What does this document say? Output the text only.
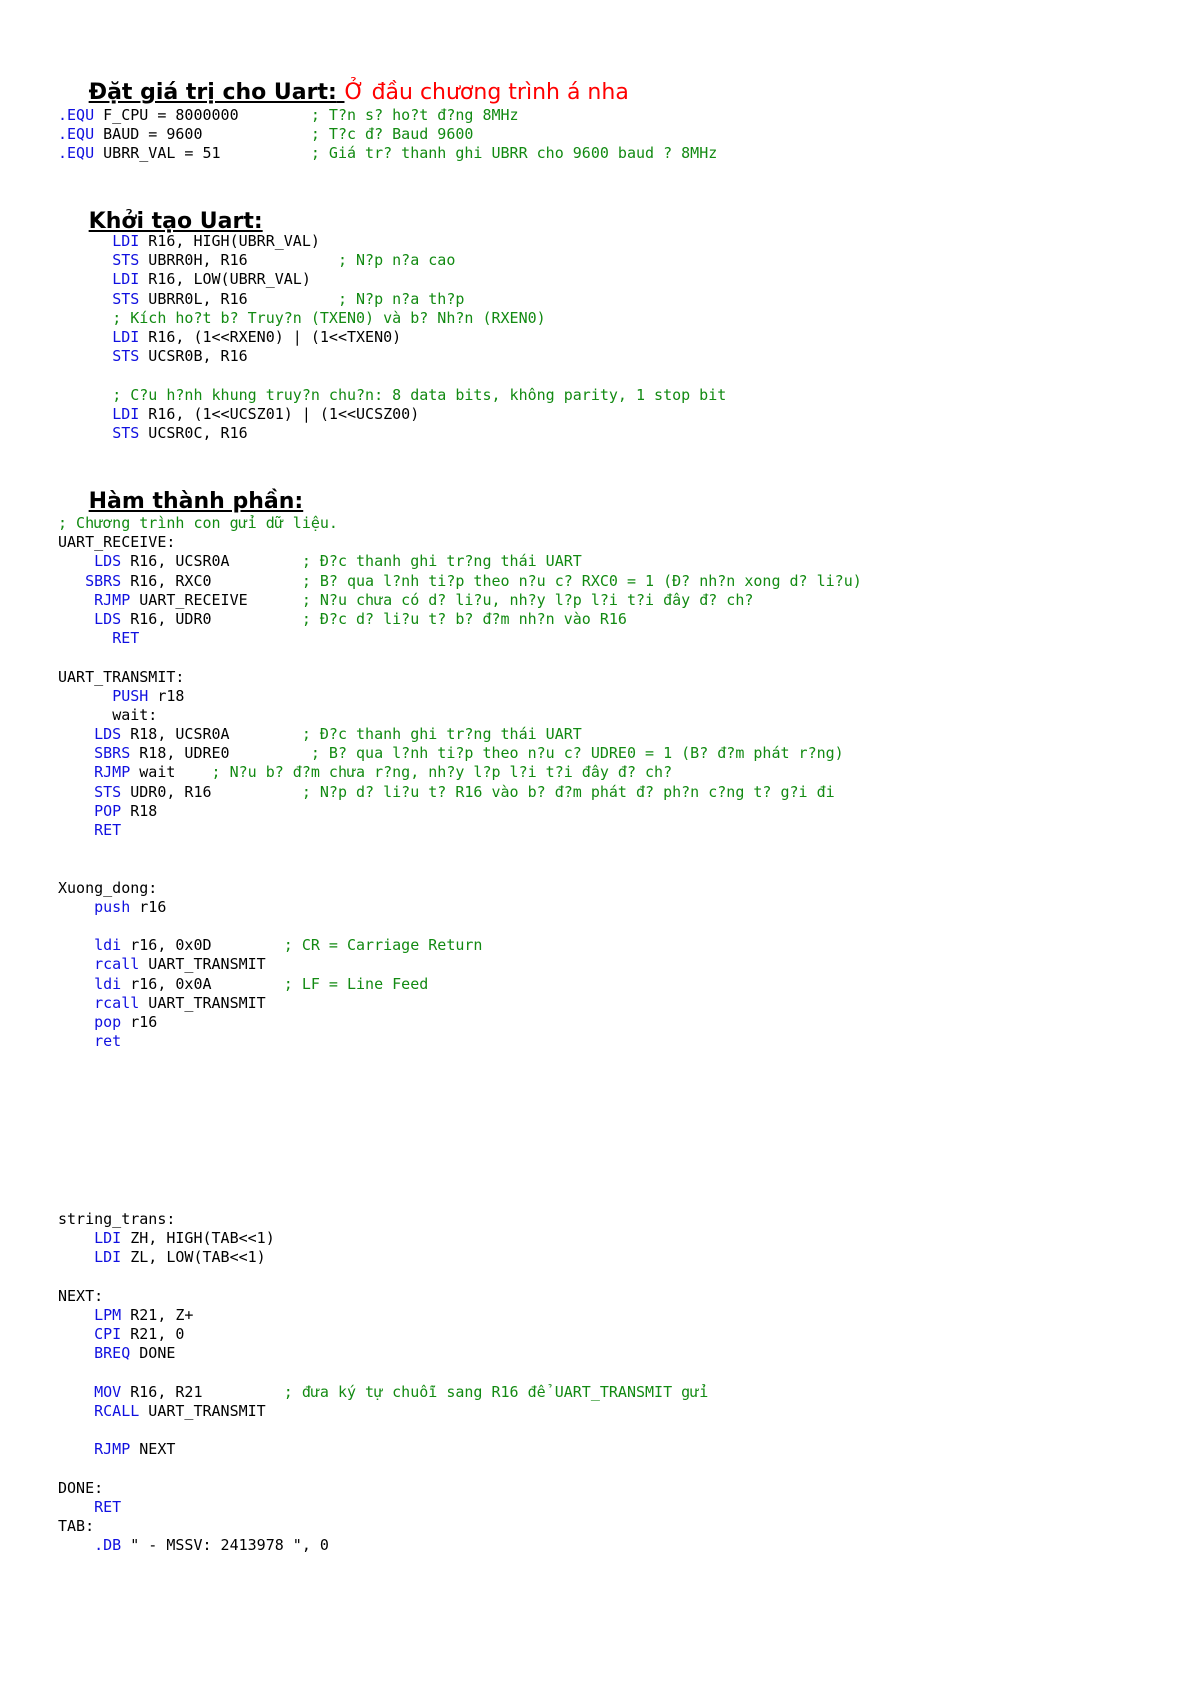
Đặt giá trị cho Uart: Ở đầu chương trình á nha

.EQU F_CPU = 8000000        ; T?n s? ho?t đ?ng 8MHz
.EQU BAUD = 9600            ; T?c đ? Baud 9600
.EQU UBRR_VAL = 51          ; Giá tr? thanh ghi UBRR cho 9600 baud ? 8MHz

Khởi tạo Uart:

LDI R16, HIGH(UBRR_VAL)
STS UBRR0H, R16          ; N?p n?a cao
LDI R16, LOW(UBRR_VAL)
STS UBRR0L, R16          ; N?p n?a th?p
; Kích ho?t b? Truy?n (TXEN0) và b? Nh?n (RXEN0)
LDI R16, (1<<RXEN0) | (1<<TXEN0)
STS UCSR0B, R16
; C?u h?nh khung truy?n chu?n: 8 data bits, không parity, 1 stop bit
LDI R16, (1<<UCSZ01) | (1<<UCSZ00)
STS UCSR0C, R16

Hàm thành phần:

; Chương trình con gửi dữ liệu.
UART_RECEIVE:
LDS R16, UCSR0A        ; Đ?c thanh ghi tr?ng thái UART
SBRS R16, RXC0          ; B? qua l?nh ti?p theo n?u c? RXC0 = 1 (Đ? nh?n xong d? li?u)
RJMP UART_RECEIVE      ; N?u chưa có d? li?u, nh?y l?p l?i t?i đây đ? ch?
LDS R16, UDR0          ; Đ?c d? li?u t? b? đ?m nh?n vào R16
RET
UART_TRANSMIT:
PUSH r18
wait:
LDS R18, UCSR0A        ; Đ?c thanh ghi tr?ng thái UART
SBRS R18, UDRE0         ; B? qua l?nh ti?p theo n?u c? UDRE0 = 1 (B? đ?m phát r?ng)
RJMP wait    ; N?u b? đ?m chưa r?ng, nh?y l?p l?i t?i đây đ? ch?
STS UDR0, R16          ; N?p d? li?u t? R16 vào b? đ?m phát đ? ph?n c?ng t? g?i đi
POP R18
RET
Xuong_dong:
push r16
ldi r16, 0x0D        ; CR = Carriage Return
rcall UART_TRANSMIT
ldi r16, 0x0A        ; LF = Line Feed
rcall UART_TRANSMIT
pop r16
ret
string_trans:
LDI ZH, HIGH(TAB<<1)
LDI ZL, LOW(TAB<<1)
NEXT:
LPM R21, Z+
CPI R21, 0
BREQ DONE
MOV R16, R21         ; đưa ký tự chuỗi sang R16 để UART_TRANSMIT gửi
RCALL UART_TRANSMIT
RJMP NEXT
DONE:
RET
TAB:
.DB " - MSSV: 2413978 ", 0
